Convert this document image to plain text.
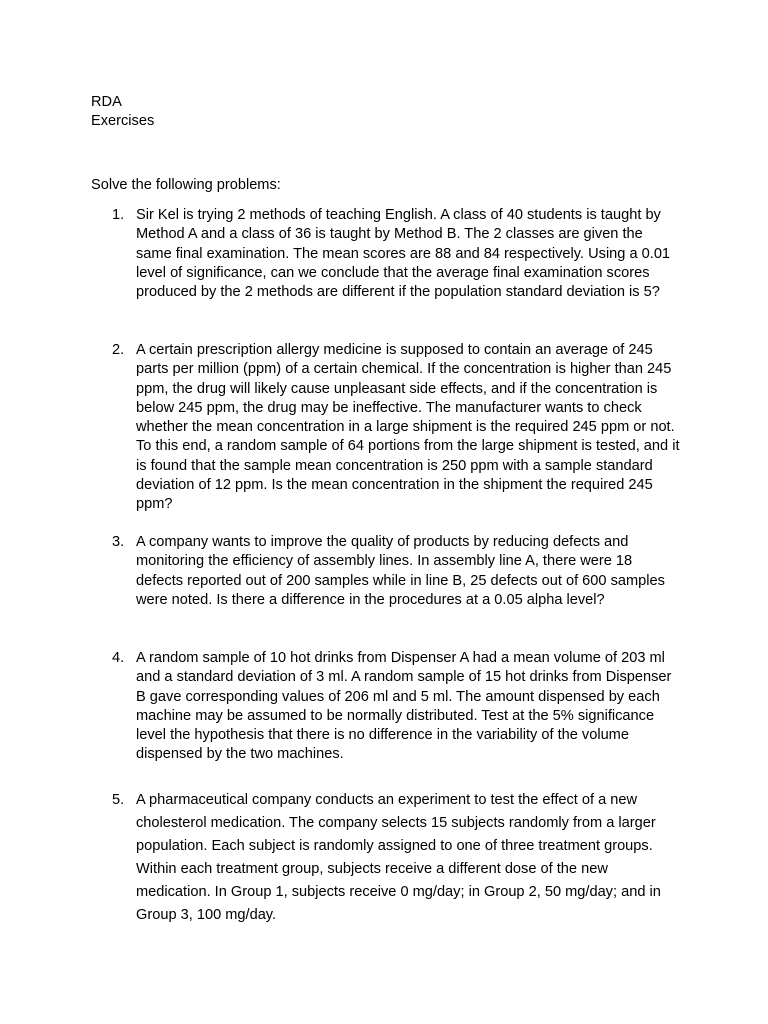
RDA
Exercises

Solve the following problems:

1. Sir Kel is trying 2 methods of teaching English. A class of 40 students is taught by Method A and a class of 36 is taught by Method B. The 2 classes are given the same final examination. The mean scores are 88 and 84 respectively. Using a 0.01 level of significance, can we conclude that the average final examination scores produced by the 2 methods are different if the population standard deviation is 5?

2. A certain prescription allergy medicine is supposed to contain an average of 245 parts per million (ppm) of a certain chemical. If the concentration is higher than 245 ppm, the drug will likely cause unpleasant side effects, and if the concentration is below 245 ppm, the drug may be ineffective. The manufacturer wants to check whether the mean concentration in a large shipment is the required 245 ppm or not. To this end, a random sample of 64 portions from the large shipment is tested, and it is found that the sample mean concentration is 250 ppm with a sample standard deviation of 12 ppm. Is the mean concentration in the shipment the required 245 ppm?

3. A company wants to improve the quality of products by reducing defects and monitoring the efficiency of assembly lines. In assembly line A, there were 18 defects reported out of 200 samples while in line B, 25 defects out of 600 samples were noted. Is there a difference in the procedures at a 0.05 alpha level?

4. A random sample of 10 hot drinks from Dispenser A had a mean volume of 203 ml and a standard deviation of 3 ml. A random sample of 15 hot drinks from Dispenser B gave corresponding values of 206 ml and 5 ml. The amount dispensed by each machine may be assumed to be normally distributed. Test at the 5% significance level the hypothesis that there is no difference in the variability of the volume dispensed by the two machines.

5. A pharmaceutical company conducts an experiment to test the effect of a new cholesterol medication. The company selects 15 subjects randomly from a larger population. Each subject is randomly assigned to one of three treatment groups. Within each treatment group, subjects receive a different dose of the new medication. In Group 1, subjects receive 0 mg/day; in Group 2, 50 mg/day; and in Group 3, 100 mg/day.
